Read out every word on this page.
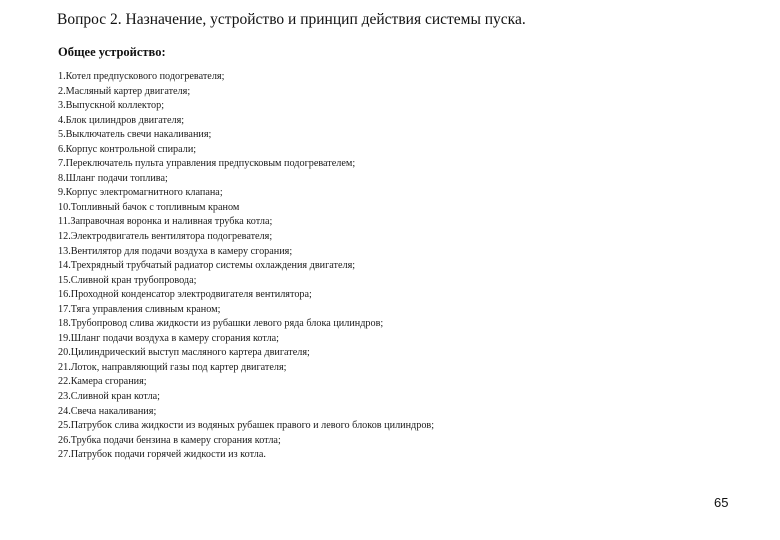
Вопрос 2. Назначение, устройство и принцип действия системы пуска.
Общее устройство:
1.Котел предпускового подогревателя;
2.Масляный картер двигателя;
3.Выпускной коллектор;
4.Блок цилиндров двигателя;
5.Выключатель свечи накаливания;
6.Корпус контрольной спирали;
7.Переключатель пульта управления предпусковым подогревателем;
8.Шланг подачи топлива;
9.Корпус электромагнитного клапана;
10.Топливный бачок с топливным краном
11.Заправочная воронка и наливная трубка котла;
12.Электродвигатель вентилятора подогревателя;
13.Вентилятор для подачи воздуха в камеру сгорания;
14.Трехрядный трубчатый радиатор системы охлаждения двигателя;
15.Сливной кран трубопровода;
16.Проходной конденсатор электродвигателя вентилятора;
17.Тяга управления сливным краном;
18.Трубопровод слива жидкости из рубашки левого ряда блока цилиндров;
19.Шланг подачи воздуха в камеру сгорания котла;
20.Цилиндрический выступ масляного картера двигателя;
21.Лоток, направляющий газы под картер двигателя;
22.Камера сгорания;
23.Сливной кран котла;
24.Свеча накаливания;
25.Патрубок слива жидкости из водяных рубашек правого и левого блоков цилиндров;
26.Трубка подачи бензина в камеру сгорания котла;
27.Патрубок подачи горячей жидкости из котла.
65
